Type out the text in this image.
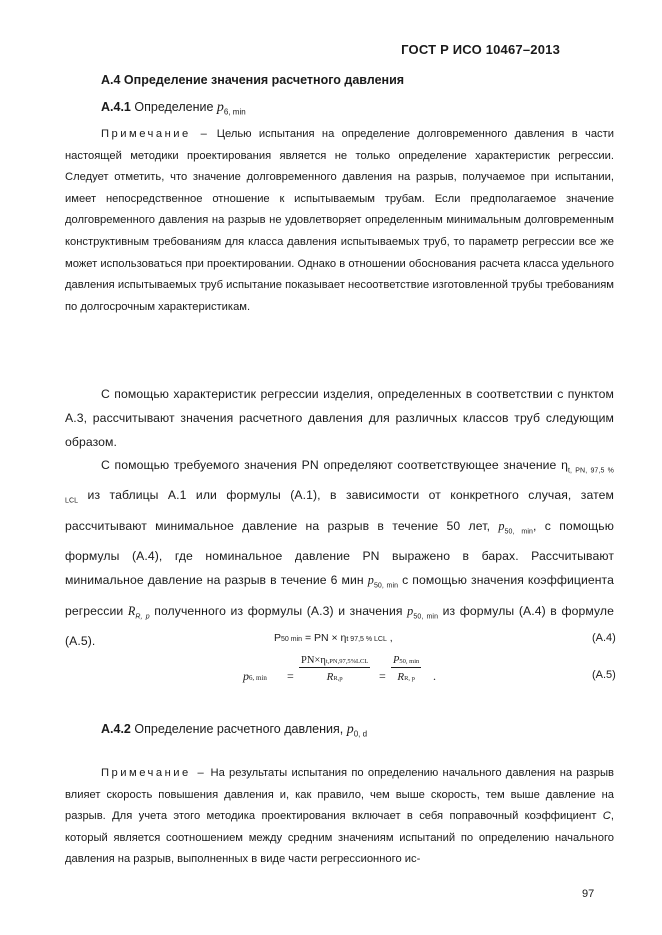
ГОСТ Р ИСО 10467–2013
А.4 Определение значения расчетного давления
А.4.1 Определение $p_{6, min}$
Примечание – Целью испытания на определение долговременного давления в части настоящей методики проектирования является не только определение характеристик регрессии. Следует отметить, что значение долговременного давления на разрыв, получаемое при испытании, имеет непосредственное отношение к испытываемым трубам. Если предполагаемое значение долговременного давления на разрыв не удовлетворяет определенным минимальным долговременным конструктивным требованиям для класса давления испытываемых труб, то параметр регрессии все же может использоваться при проектировании. Однако в отношении обоснования расчета класса удельного давления испытываемых труб испытание показывает несоответствие изготовленной трубы требованиям по долгосрочным характеристикам.
С помощью характеристик регрессии изделия, определенных в соответствии с пунктом А.3, рассчитывают значения расчетного давления для различных классов труб следующим образом.
С помощью требуемого значения PN определяют соответствующее значение $\eta_{t, PN, 97,5 \% LCL}$ из таблицы А.1 или формулы (А.1), в зависимости от конкретного случая, затем рассчитывают минимальное давление на разрыв в течение 50 лет, $p_{50, min}$, с помощью формулы (А.4), где номинальное давление PN выражено в барах. Рассчитывают минимальное давление на разрыв в течение 6 мин $p_{50, min}$ с помощью значения коэффициента регрессии $R_{R, p}$ полученного из формулы (А.3) и значения $p_{50, min}$ из формулы (А.4) в формуле (А.5).	P50 min = PN × ηt 97,5 % LCL ,	(А.4)
p6, min =
PN×ηt,PN,97,5%LCL
RR,p	=
P50, min
RR, p	.	(А.5)
А.4.2 Определение расчетного давления, $p_{0, d}$
Примечание – На результаты испытания по определению начального давления на разрыв влияет скорость повышения давления и, как правило, чем выше скорость, тем выше давление на разрыв. Для учета этого методика проектирования включает в себя поправочный коэффициент С, который является соотношением между средним значениям испытаний по определению начального давления на разрыв, выполненных в виде части регрессионного ис-
97
